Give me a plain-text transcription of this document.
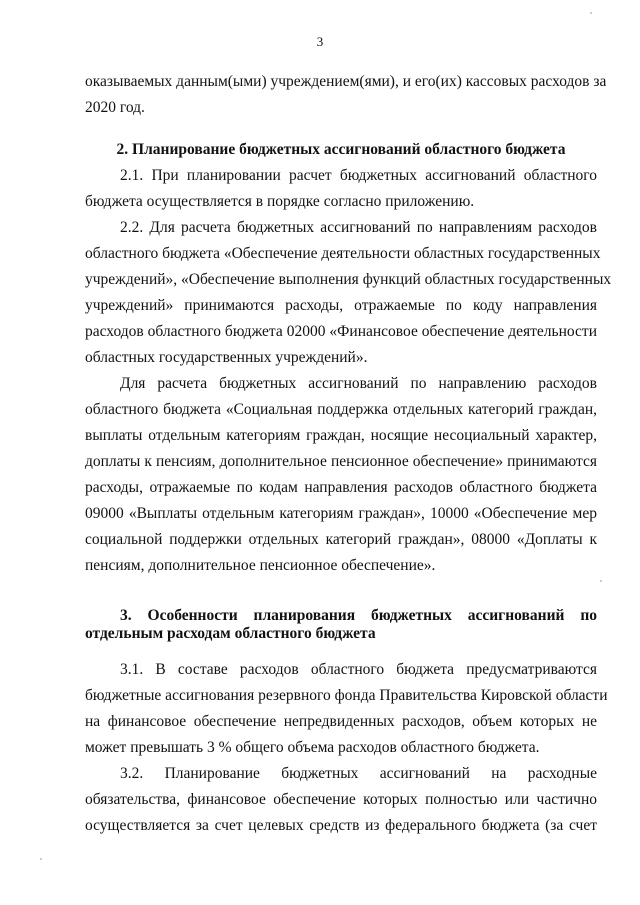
3
оказываемых данным(ыми) учреждением(ями), и его(их) кассовых расходов за
2020 год.
2. Планирование бюджетных ассигнований областного бюджета
2.1. При планировании расчет бюджетных ассигнований областного
бюджета осуществляется в порядке согласно приложению.
2.2. Для расчета бюджетных ассигнований по направлениям расходов
областного бюджета «Обеспечение деятельности областных государственных
учреждений», «Обеспечение выполнения функций областных государственных
учреждений» принимаются расходы, отражаемые по коду направления
расходов областного бюджета 02000 «Финансовое обеспечение деятельности
областных государственных учреждений».
Для расчета бюджетных ассигнований по направлению расходов
областного бюджета «Социальная поддержка отдельных категорий граждан,
выплаты отдельным категориям граждан, носящие несоциальный характер,
доплаты к пенсиям, дополнительное пенсионное обеспечение» принимаются
расходы, отражаемые по кодам направления расходов областного бюджета
09000 «Выплаты отдельным категориям граждан», 10000 «Обеспечение мер
социальной поддержки отдельных категорий граждан», 08000 «Доплаты к
пенсиям, дополнительное пенсионное обеспечение».
3. Особенности планирования бюджетных ассигнований по
отдельным расходам областного бюджета
3.1. В составе расходов областного бюджета предусматриваются
бюджетные ассигнования резервного фонда Правительства Кировской области
на финансовое обеспечение непредвиденных расходов, объем которых не
может превышать 3 % общего объема расходов областного бюджета.
3.2. Планирование бюджетных ассигнований на расходные
обязательства, финансовое обеспечение которых полностью или частично
осуществляется за счет целевых средств из федерального бюджета (за счет
